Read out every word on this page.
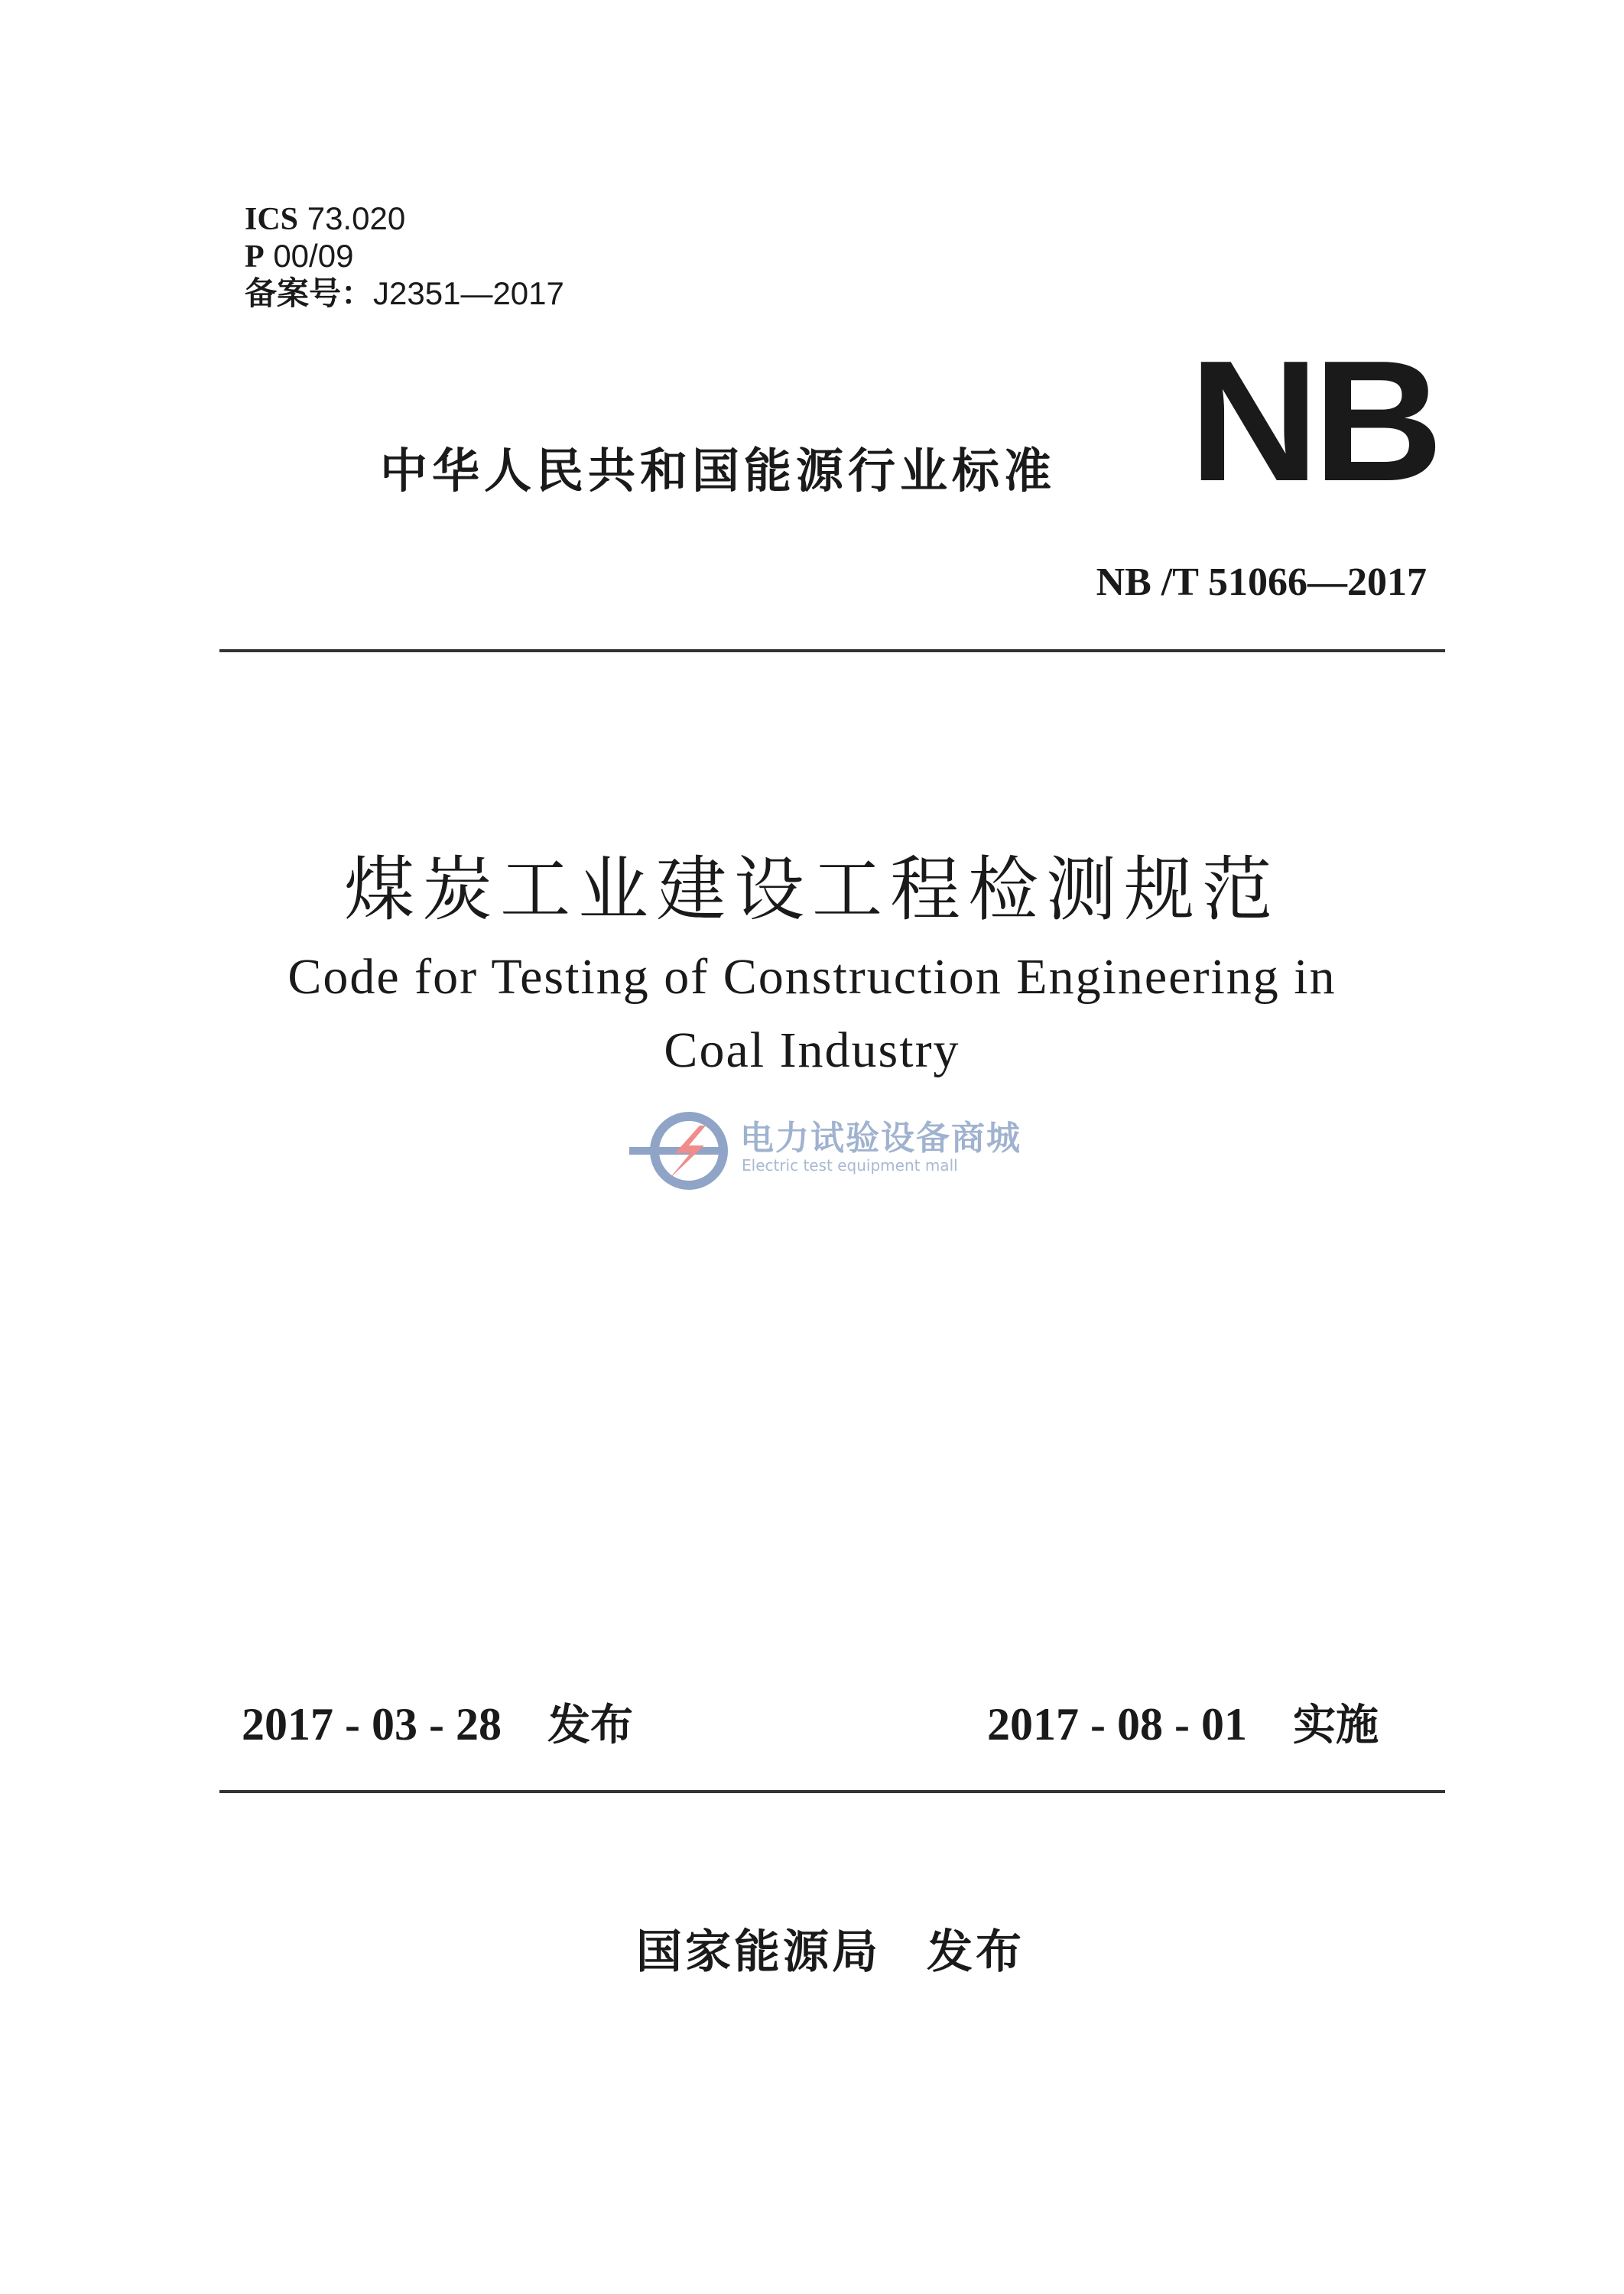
ICS 73.020
P 00/09
备案号：J2351—2017
中华人民共和国能源行业标准 NB
NB /T 51066—2017
煤炭工业建设工程检测规范
Code for Testing of Construction Engineering in
Coal Industry
电力试验设备商城
Electric test equipment mall
2017 - 03 - 28 发布	2017 - 08 - 01 实施
国家能源局 发布
